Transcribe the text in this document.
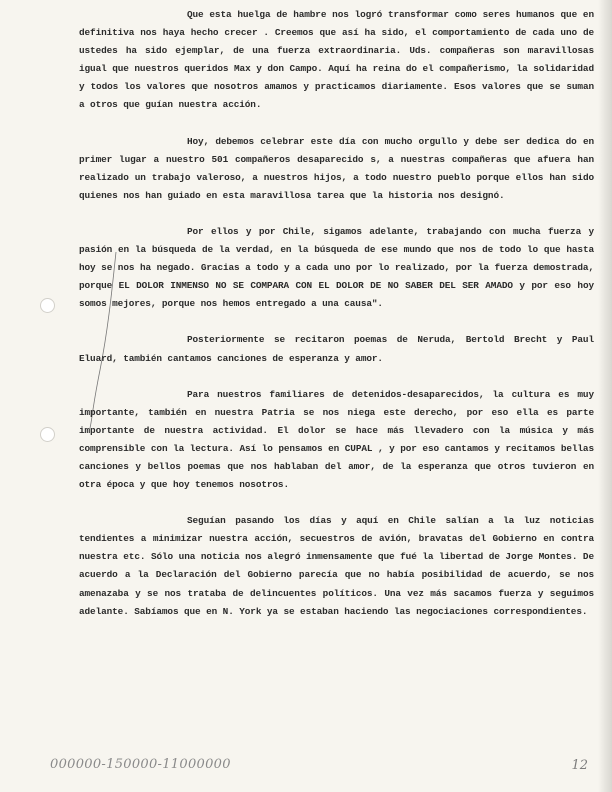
Que esta huelga de hambre nos logró transformar como seres humanos que en definitiva nos haya hecho crecer . Creemos que así ha sido, el comportamiento de cada uno de ustedes ha sido ejemplar, de una fuerza extraordinaria. Uds. compañeras son maravillosas igual que nuestros queridos Max y don Campo. Aquí ha reina do el compañerismo, la solidaridad y todos los valores que nosotros amamos y practicamos diariamente. Esos valores que se suman a otros que guían nuestra acción.

Hoy, debemos celebrar este día con mucho orgullo y debe ser dedica do en primer lugar a nuestro 501 compañeros desaparecido s, a nuestras compañeras que afuera han realizado un trabajo valeroso, a nuestros hijos, a todo nuestro pueblo porque ellos han sido quienes nos han guiado en esta maravillosa tarea que la historia nos designó.

Por ellos y por Chile, sigamos adelante, trabajando con mucha fuerza y pasión en la búsqueda de la verdad, en la búsqueda de ese mundo que nos de todo lo que hasta hoy se nos ha negado. Gracias a todo y a cada uno por lo realizado, por la fuerza demostrada, porque EL DOLOR INMENSO NO SE COMPARA CON EL DOLOR DE NO SABER DEL SER AMADO y por eso hoy somos mejores, porque nos hemos entregado a una causa".

Posteriormente se recitaron poemas de Neruda, Bertold Brecht y Paul Eluard, también cantamos canciones de esperanza y amor.

Para nuestros familiares de detenidos-desaparecidos, la cultura es muy importante, también en nuestra Patria se nos niega este derecho, por eso ella es parte importante de nuestra actividad. El dolor se hace más llevadero con la música y más comprensible con la lectura. Así lo pensamos en CUPAL , y por eso cantamos y recitamos bellas canciones y bellos poemas que nos hablaban del amor, de la esperanza que otros tuvieron en otra época y que hoy tenemos nosotros.

Seguían pasando los días y aquí en Chile salían a la luz noticias tendientes a minimizar nuestra acción, secuestros de avión, bravatas del Gobierno en contra nuestra etc. Sólo una noticia nos alegró inmensamente que fué la libertad de Jorge Montes. De acuerdo a la Declaración del Gobierno parecía que no había posibilidad de acuerdo, se nos amenazaba y se nos trataba de delincuentes políticos. Una vez más sacamos fuerza y seguimos adelante. Sabíamos que en N. York ya se estaban haciendo las negociaciones correspondientes.

000000-150000-11000000	12
